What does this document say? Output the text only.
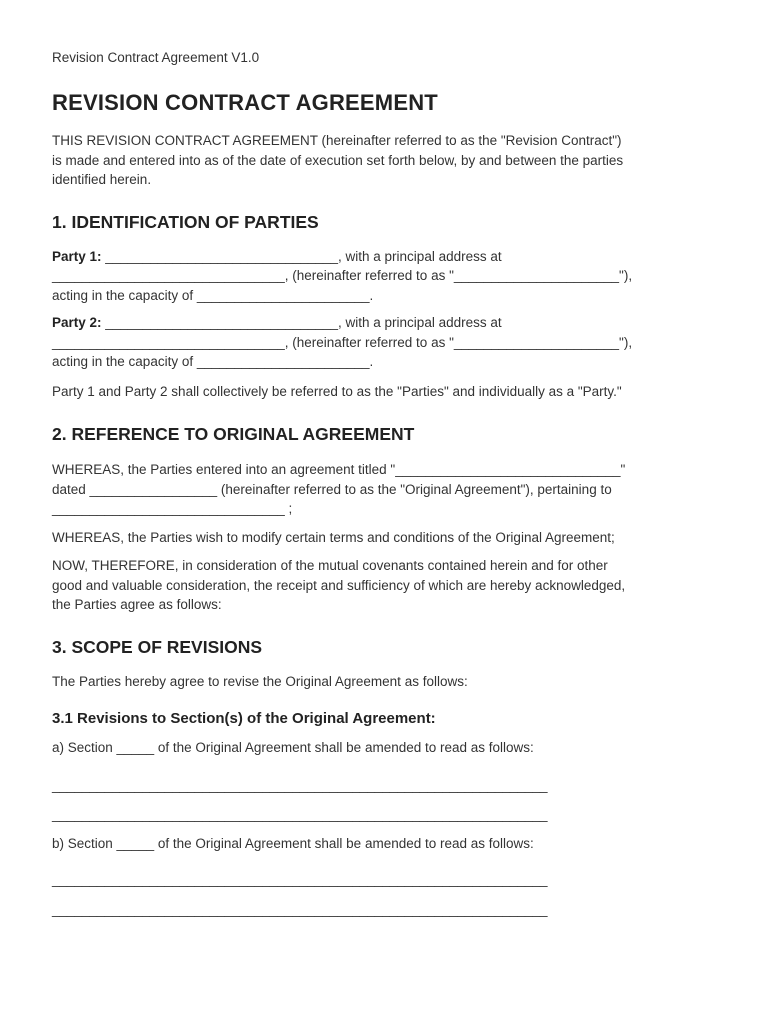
Revision Contract Agreement V1.0
REVISION CONTRACT AGREEMENT

THIS REVISION CONTRACT AGREEMENT (hereinafter referred to as the "Revision Contract")
is made and entered into as of the date of execution set forth below, by and between the parties
identified herein.

1. IDENTIFICATION OF PARTIES

Party 1: _______________________________, with a principal address at
_______________________________, (hereinafter referred to as "______________________"),
acting in the capacity of _______________________.

Party 2: _______________________________, with a principal address at
_______________________________, (hereinafter referred to as "______________________"),
acting in the capacity of _______________________.

Party 1 and Party 2 shall collectively be referred to as the "Parties" and individually as a "Party."

2. REFERENCE TO ORIGINAL AGREEMENT

WHEREAS, the Parties entered into an agreement titled "______________________________"
dated _________________ (hereinafter referred to as the "Original Agreement"), pertaining to
_______________________________ ;

WHEREAS, the Parties wish to modify certain terms and conditions of the Original Agreement;

NOW, THEREFORE, in consideration of the mutual covenants contained herein and for other
good and valuable consideration, the receipt and sufficiency of which are hereby acknowledged,
the Parties agree as follows:

3. SCOPE OF REVISIONS

The Parties hereby agree to revise the Original Agreement as follows:

3.1 Revisions to Section(s) of the Original Agreement:

a) Section _____ of the Original Agreement shall be amended to read as follows:

__________________________________________________________________
__________________________________________________________________

b) Section _____ of the Original Agreement shall be amended to read as follows:

__________________________________________________________________
__________________________________________________________________
